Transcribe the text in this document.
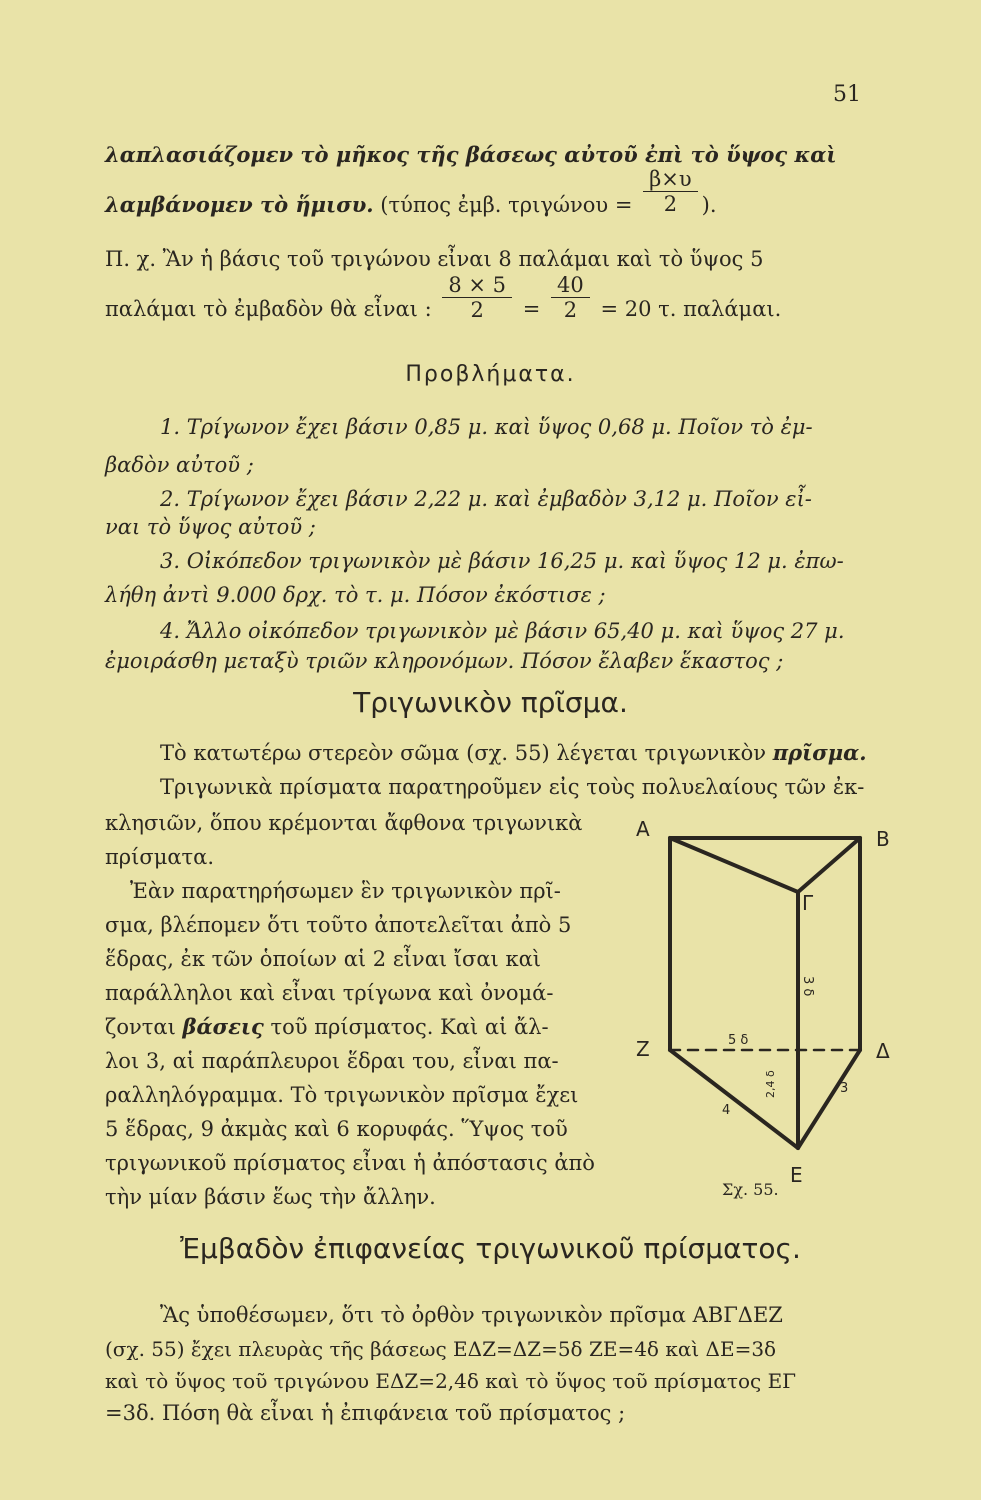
51
λαπλασιάζομεν τὸ μῆκος τῆς βάσεως αὐτοῦ ἐπὶ τὸ ὕψος καὶ
λαμβάνομεν τὸ ἥμισυ. (τύπος ἐμβ. $\tau\rho\iota\gamma ώ\nu o\upsilon = \frac{\beta\times\upsilon}{2}$ ).
Π. χ. Ἂν ἡ βάσις τοῦ τριγώνου εἶναι 8 παλάμαι καὶ τὸ ὕψος 5
παλάμαι τὸ ἐμβαδὸν θὰ εἶναι : $\frac{8 \times 5}{2} = \frac{40}{2} = 20$ τ. παλάμαι.
Προβλήματα.
1. Τρίγωνον ἔχει βάσιν 0,85 μ. καὶ ὕψος 0,68 μ. Ποῖον τὸ ἐμ-
βαδὸν αὐτοῦ ;
2. Τρίγωνον ἔχει βάσιν 2,22 μ. καὶ ἐμβαδὸν 3,12 μ. Ποῖον εἶ-
ναι τὸ ὕψος αὐτοῦ ;
3. Οἰκόπεδον τριγωνικὸν μὲ βάσιν 16,25 μ. καὶ ὕψος 12 μ. ἐπω-
λήθη ἀντὶ 9.000 δρχ. τὸ τ. μ. Πόσον ἐκόστισε ;
4. Ἄλλο οἰκόπεδον τριγωνικὸν μὲ βάσιν 65,40 μ. καὶ ὕψος 27 μ.
ἐμοιράσθη μεταξὺ τριῶν κληρονόμων. Πόσον ἔλαβεν ἕκαστος ;
Τριγωνικὸν πρῖσμα.
Τὸ κατωτέρω στερεὸν σῶμα (σχ. 55) λέγεται τριγωνικὸν πρῖσμα.
Τριγωνικὰ πρίσματα παρατηροῦμεν εἰς τοὺς πολυελαίους τῶν ἐκ-
κλησιῶν, ὅπου κρέμονται ἄφθονα τριγωνικὰ
πρίσματα.
Ἐὰν παρατηρήσωμεν ἓν τριγωνικὸν πρῖ-
σμα, βλέπομεν ὅτι τοῦτο ἀποτελεῖται ἀπὸ 5
ἕδρας, ἐκ τῶν ὁποίων αἱ 2 εἶναι ἴσαι καὶ
παράλληλοι καὶ εἶναι τρίγωνα καὶ ὀνομά-
ζονται βάσεις τοῦ πρίσματος. Καὶ αἱ ἄλ-
λοι 3, αἱ παράπλευροι ἕδραι του, εἶναι πα-
ραλληλόγραμμα. Τὸ τριγωνικὸν πρῖσμα ἔχει
5 ἕδρας, 9 ἀκμὰς καὶ 6 κορυφάς. Ὕψος τοῦ
τριγωνικοῦ πρίσματος εἶναι ἡ ἀπόστασις ἀπὸ
τὴν μίαν βάσιν ἕως τὴν ἄλλην.
Α	Β
Γ
Ζ	Δ
Ε
5 δ
3 δ
4
3
2,4 δ
Σχ. 55.
Ἐμβαδὸν ἐπιφανείας τριγωνικοῦ πρίσματος.
Ἂς ὑποθέσωμεν, ὅτι τὸ ὀρθὸν τριγωνικὸν πρῖσμα ΑΒΓΔΕΖ
(σχ. 55) ἔχει πλευρὰς τῆς βάσεως ΕΔΖ=ΔΖ=5δ ΖΕ=4δ καὶ ΔΕ=3δ
καὶ τὸ ὕψος τοῦ τριγώνου ΕΔΖ=2,4δ καὶ τὸ ὕψος τοῦ πρίσματος ΕΓ
=3δ. Πόση θὰ εἶναι ἡ ἐπιφάνεια τοῦ πρίσματος ;
